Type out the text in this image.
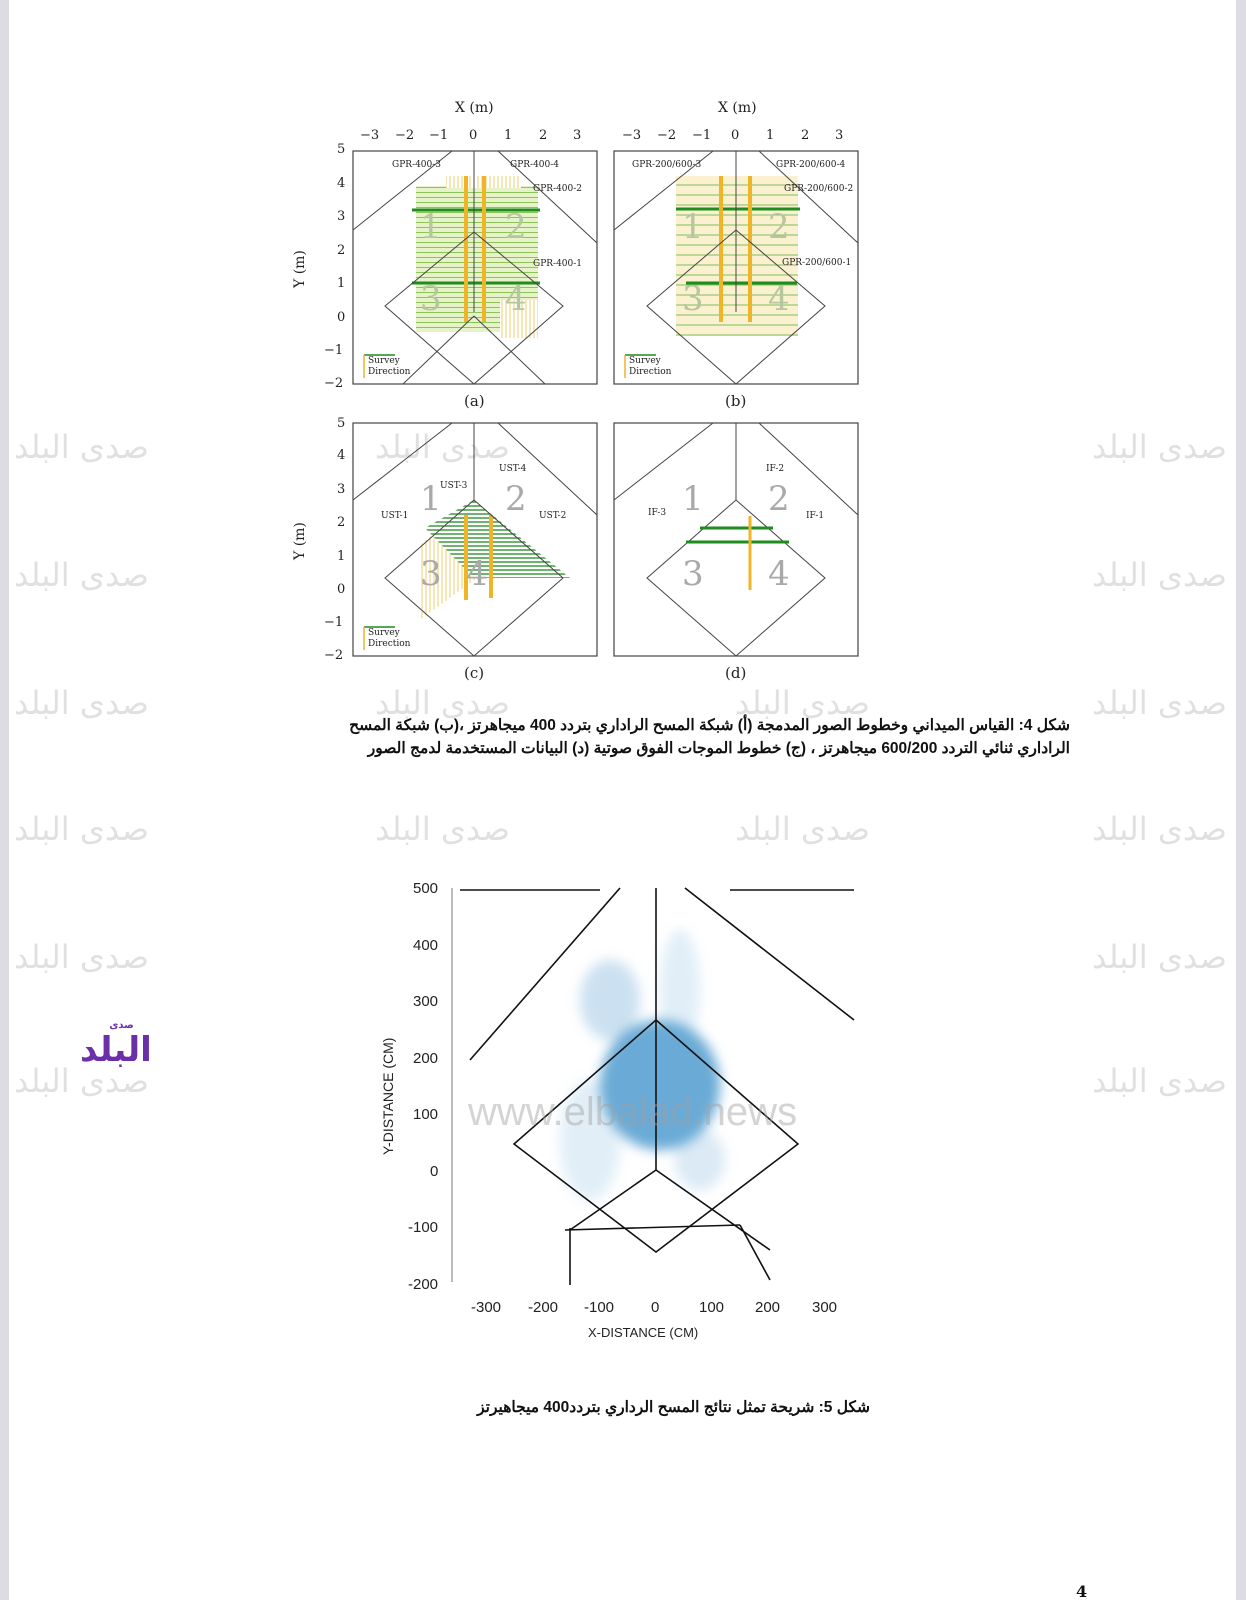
صدى البلد
صدى البلد
صدى البلد
صدى البلد
صدى البلد
صدى البلد
صدى البلد
صدى البلد
صدى البلد
صدى البلد
صدى البلد
صدى البلد
صدى البلد
صدى البلد
صدى البلد
صدى البلد
صدى البلد
X (m)	X (m)
Y (m)
Y (m)
−3 −2 −1 0 1 2 3	−3 −2 −1 0 1 2 3
5
4
3
2
1
0
−1
−2
5
4
3
2
1
0
−1
−2
1 2
3 4
1 2
3 4
1 2
3 4
1 2
3 4
GPR-400-3	GPR-400-4
GPR-400-2
GPR-400-1
GPR-200/600-3	GPR-200/600-4
GPR-200/600-2
GPR-200/600-1
UST-3
UST-4
UST-1	UST-2
IF-2
IF-3	IF-1
Survey
Direction
Survey
Direction
Survey
Direction
(a)	(b)
(c)	(d)
شكل 4: القياس الميداني وخطوط الصور المدمجة (أ) شبكة المسح الراداري بتردد 400 ميجاهرتز ،(ب) شبكة المسح
الراداري ثنائي التردد 600/200 ميجاهرتز ، (ج) خطوط الموجات الفوق صوتية (د) البيانات المستخدمة لدمج الصور
www.elbalad.news
500
400
300
200
100
0
-100
-200
-300 -200 -100 0	100 200 300
X-DISTANCE (CM)
Y-DISTANCE (CM)
شكل 5: شريحة تمثل نتائج المسح الرداري بتردد400 ميجاهيرتز
صدى
البلد
4
